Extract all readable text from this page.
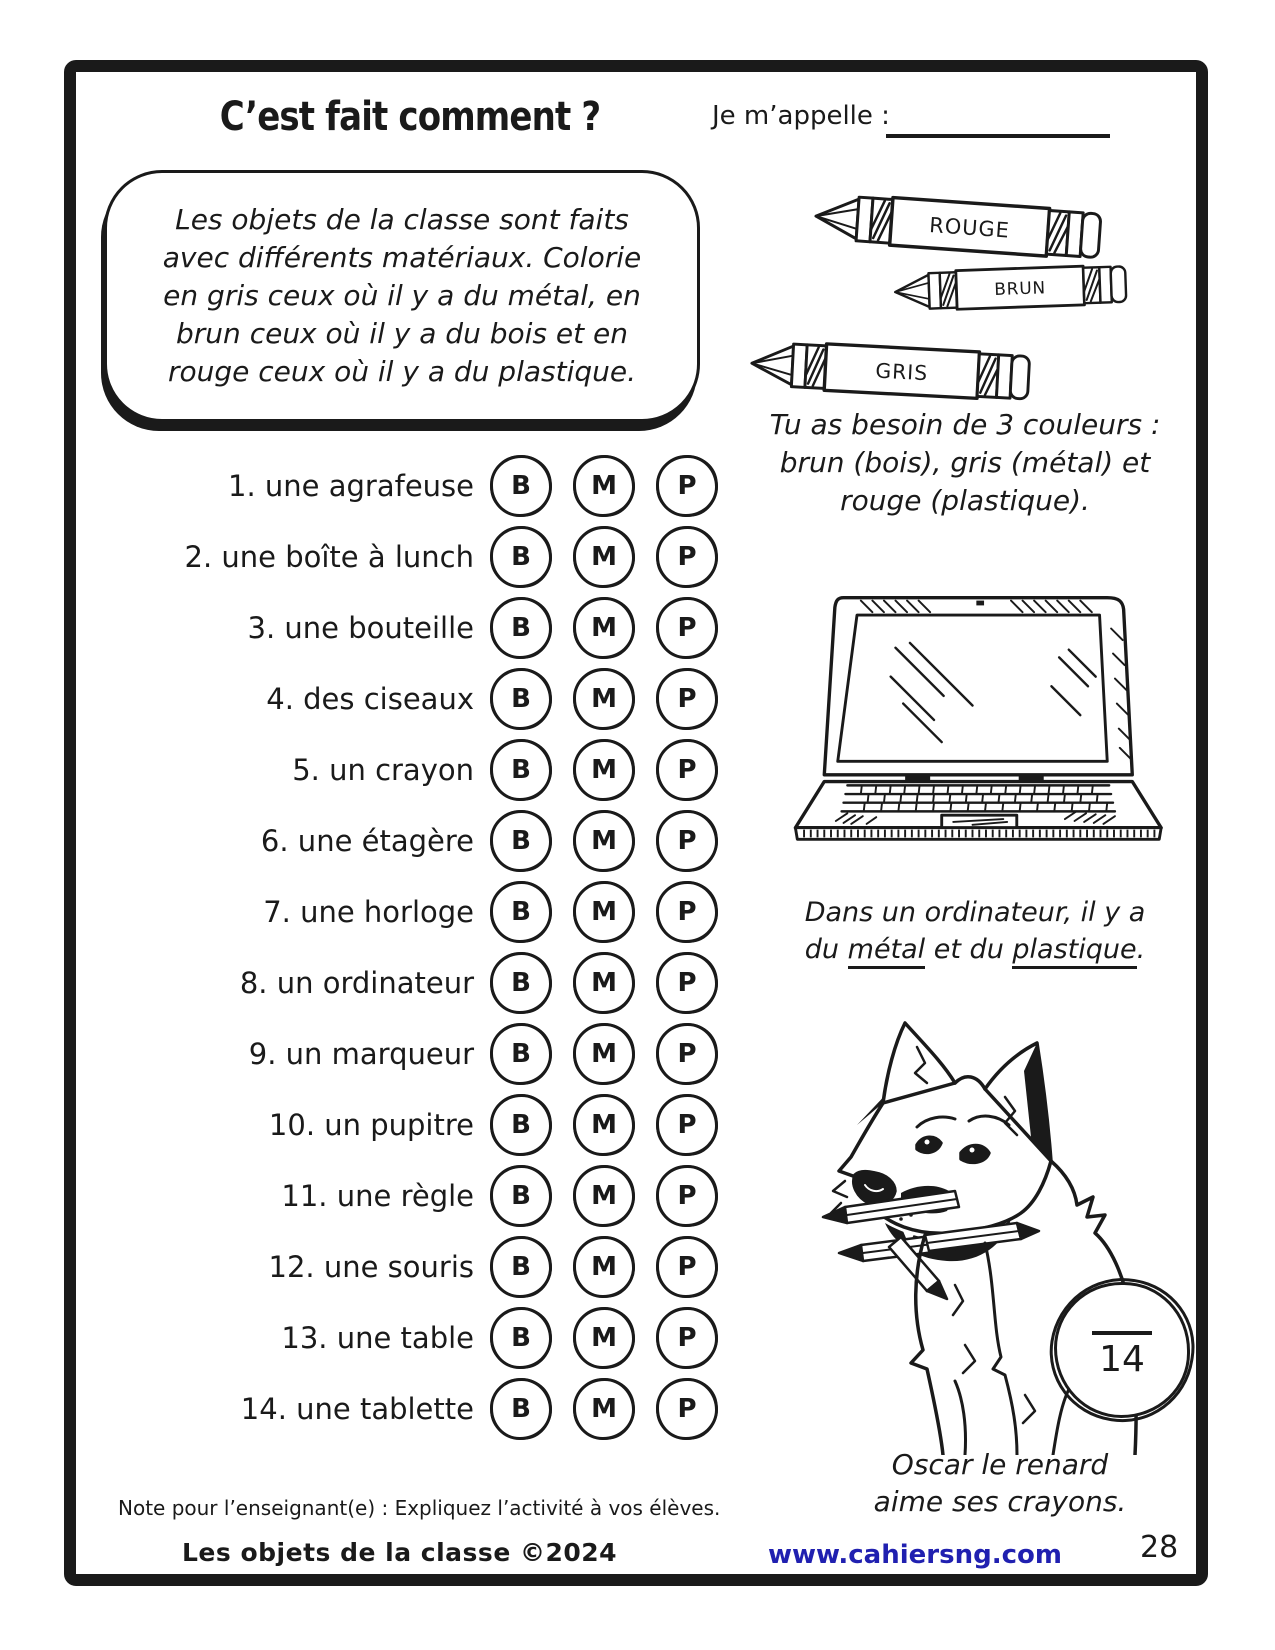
C’est fait comment ?	Je m’appelle :
Les objets de la classe sont faits
avec différents matériaux. Colorie
en gris ceux où il y a du métal, en
brun ceux où il y a du bois et en
rouge ceux où il y a du plastique.
ROUGE
BRUN
GRIS
Tu as besoin de 3 couleurs :
brun (bois), gris (métal) et
rouge (plastique).
Dans un ordinateur, il y a
du métal et du plastique.
14
Oscar le renard
aime ses crayons.
1. une agrafeuse	B M P
2. une boîte à lunch	B M P
3. une bouteille	B M P
4. des ciseaux	B M P
5. un crayon	B M P
6. une étagère	B M P
7. une horloge	B M P
8. un ordinateur	B M P
9. un marqueur	B M P
10. un pupitre	B M P
11. une règle	B M P
12. une souris	B M P
13. une table	B M P
14. une tablette	B M P
Note pour l’enseignant(e) : Expliquez l’activité à vos élèves.
Les objets de la classe ©2024	www.cahiersng.com	28
